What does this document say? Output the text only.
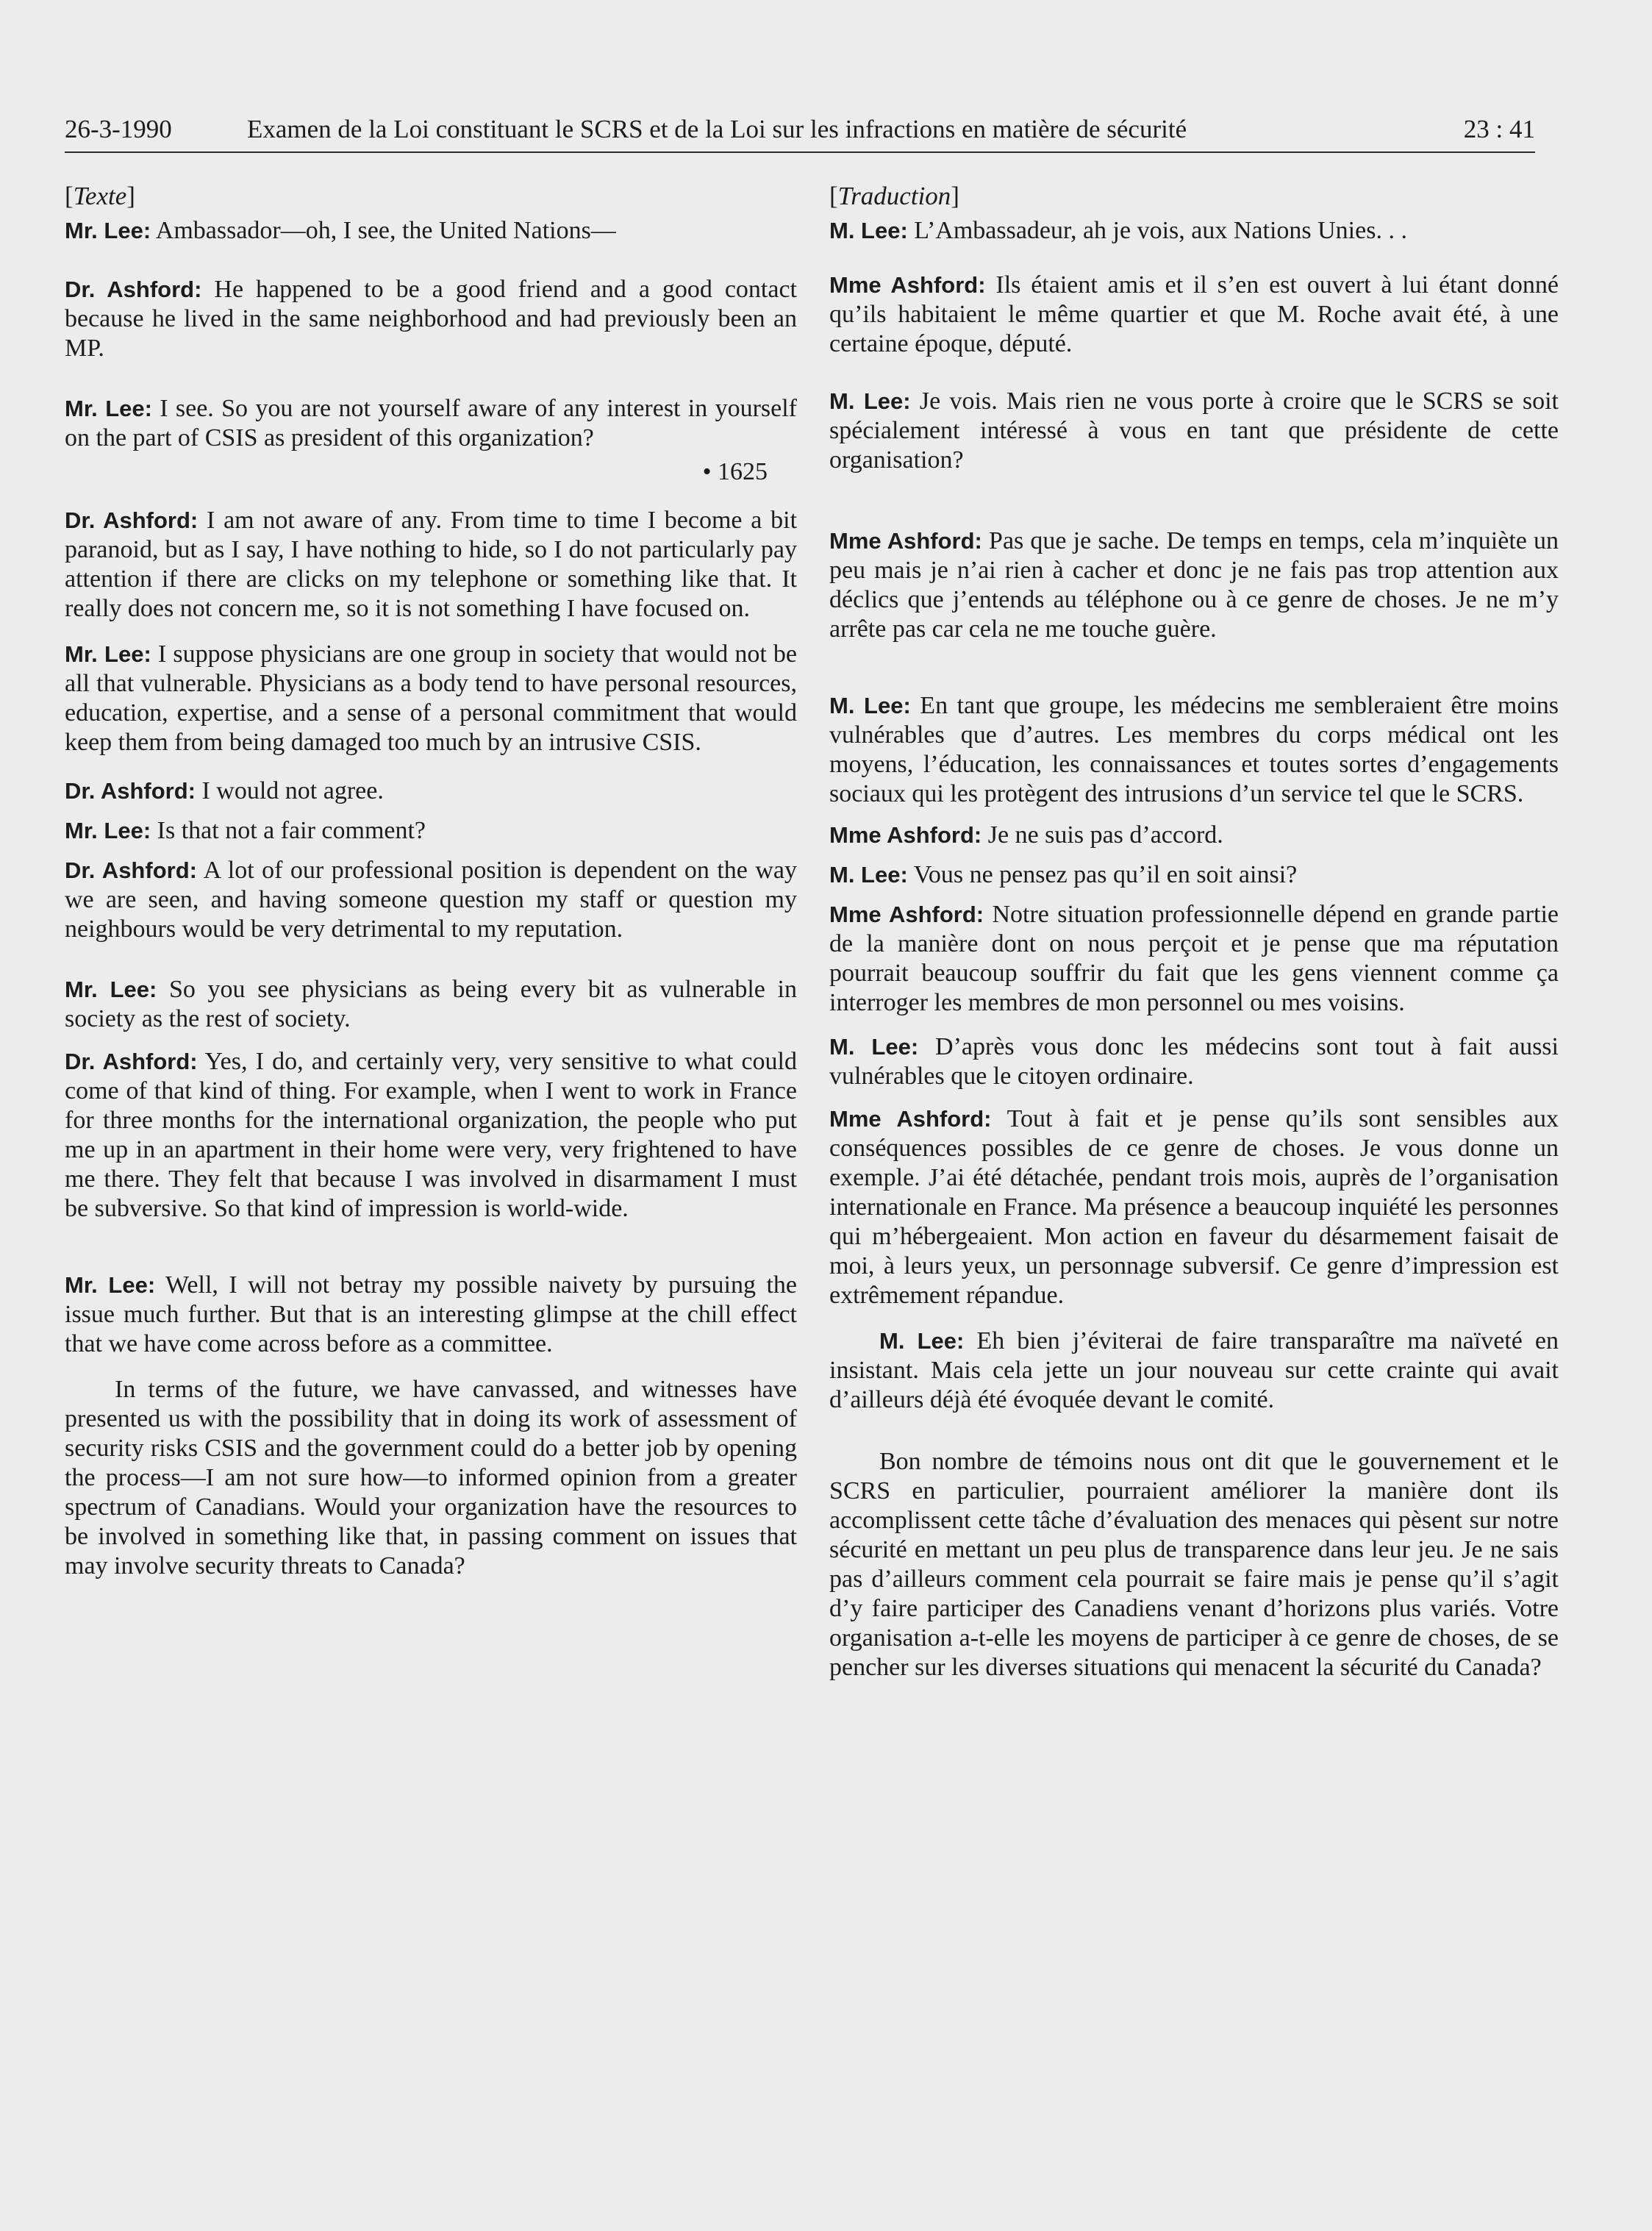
26-3-1990	Examen de la Loi constituant le SCRS et de la Loi sur les infractions en matière de sécurité	23 : 41
[Texte]

Mr. Lee: Ambassador—oh, I see, the United Nations—

Dr. Ashford: He happened to be a good friend and a good contact because he lived in the same neighborhood and had previously been an MP.

Mr. Lee: I see. So you are not yourself aware of any interest in yourself on the part of CSIS as president of this organization?

• 1625

Dr. Ashford: I am not aware of any. From time to time I become a bit paranoid, but as I say, I have nothing to hide, so I do not particularly pay attention if there are clicks on my telephone or something like that. It really does not concern me, so it is not something I have focused on.

Mr. Lee: I suppose physicians are one group in society that would not be all that vulnerable. Physicians as a body tend to have personal resources, education, expertise, and a sense of a personal commitment that would keep them from being damaged too much by an intrusive CSIS.

Dr. Ashford: I would not agree.

Mr. Lee: Is that not a fair comment?

Dr. Ashford: A lot of our professional position is dependent on the way we are seen, and having someone question my staff or question my neighbours would be very detrimental to my reputation.

Mr. Lee: So you see physicians as being every bit as vulnerable in society as the rest of society.

Dr. Ashford: Yes, I do, and certainly very, very sensitive to what could come of that kind of thing. For example, when I went to work in France for three months for the international organization, the people who put me up in an apartment in their home were very, very frightened to have me there. They felt that because I was involved in disarmament I must be subversive. So that kind of impression is world-wide.

Mr. Lee: Well, I will not betray my possible naivety by pursuing the issue much further. But that is an interesting glimpse at the chill effect that we have come across before as a committee.

In terms of the future, we have canvassed, and witnesses have presented us with the possibility that in doing its work of assessment of security risks CSIS and the government could do a better job by opening the process—I am not sure how—to informed opinion from a greater spectrum of Canadians. Would your organization have the resources to be involved in something like that, in passing comment on issues that may involve security threats to Canada?

[Traduction]

M. Lee: L’Ambassadeur, ah je vois, aux Nations Unies. . .

Mme Ashford: Ils étaient amis et il s’en est ouvert à lui étant donné qu’ils habitaient le même quartier et que M. Roche avait été, à une certaine époque, député.

M. Lee: Je vois. Mais rien ne vous porte à croire que le SCRS se soit spécialement intéressé à vous en tant que présidente de cette organisation?

Mme Ashford: Pas que je sache. De temps en temps, cela m’inquiète un peu mais je n’ai rien à cacher et donc je ne fais pas trop attention aux déclics que j’entends au téléphone ou à ce genre de choses. Je ne m’y arrête pas car cela ne me touche guère.

M. Lee: En tant que groupe, les médecins me sembleraient être moins vulnérables que d’autres. Les membres du corps médical ont les moyens, l’éducation, les connaissances et toutes sortes d’engagements sociaux qui les protègent des intrusions d’un service tel que le SCRS.

Mme Ashford: Je ne suis pas d’accord.

M. Lee: Vous ne pensez pas qu’il en soit ainsi?

Mme Ashford: Notre situation professionnelle dépend en grande partie de la manière dont on nous perçoit et je pense que ma réputation pourrait beaucoup souffrir du fait que les gens viennent comme ça interroger les membres de mon personnel ou mes voisins.

M. Lee: D’après vous donc les médecins sont tout à fait aussi vulnérables que le citoyen ordinaire.

Mme Ashford: Tout à fait et je pense qu’ils sont sensibles aux conséquences possibles de ce genre de choses. Je vous donne un exemple. J’ai été détachée, pendant trois mois, auprès de l’organisation internationale en France. Ma présence a beaucoup inquiété les personnes qui m’hébergeaient. Mon action en faveur du désarmement faisait de moi, à leurs yeux, un personnage subversif. Ce genre d’impression est extrêmement répandue.

M. Lee: Eh bien j’éviterai de faire transparaître ma naïveté en insistant. Mais cela jette un jour nouveau sur cette crainte qui avait d’ailleurs déjà été évoquée devant le comité.

Bon nombre de témoins nous ont dit que le gouvernement et le SCRS en particulier, pourraient améliorer la manière dont ils accomplissent cette tâche d’évaluation des menaces qui pèsent sur notre sécurité en mettant un peu plus de transparence dans leur jeu. Je ne sais pas d’ailleurs comment cela pourrait se faire mais je pense qu’il s’agit d’y faire participer des Canadiens venant d’horizons plus variés. Votre organisation a-t-elle les moyens de participer à ce genre de choses, de se pencher sur les diverses situations qui menacent la sécurité du Canada?
